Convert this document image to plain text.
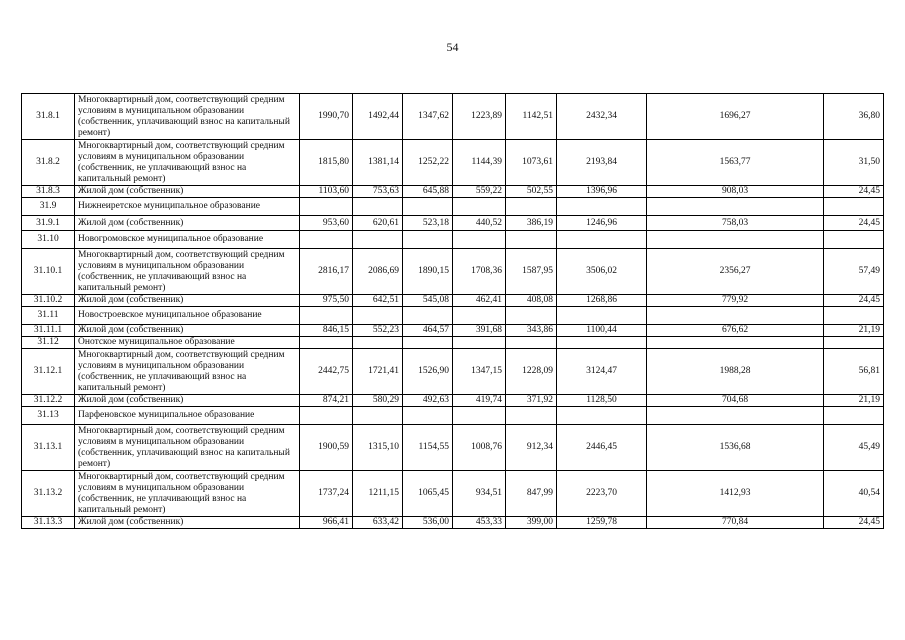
54
31.8.1	Многоквартирный дом, соответствующий средним условиям в муниципальном образовании (собственник, уплачивающий взнос на капитальный ремонт)	1990,70	1492,44	1347,62	1223,89	1142,51	2432,34	1696,27	36,80
31.8.2	Многоквартирный дом, соответствующий средним условиям в муниципальном образовании (собственник, не уплачивающий взнос на капитальный ремонт)	1815,80	1381,14	1252,22	1144,39	1073,61	2193,84	1563,77	31,50
31.8.3	Жилой дом (собственник)	1103,60	753,63	645,88	559,22	502,55	1396,96	908,03	24,45
31.9	Нижнеиретское муниципальное образование								
31.9.1	Жилой дом (собственник)	953,60	620,61	523,18	440,52	386,19	1246,96	758,03	24,45
31.10	Новогромовское муниципальное образование								
31.10.1	Многоквартирный дом, соответствующий средним условиям в муниципальном образовании (собственник, не уплачивающий взнос на капитальный ремонт)	2816,17	2086,69	1890,15	1708,36	1587,95	3506,02	2356,27	57,49
31.10.2	Жилой дом (собственник)	975,50	642,51	545,08	462,41	408,08	1268,86	779,92	24,45
31.11	Новостроевское муниципальное образование								
31.11.1	Жилой дом (собственник)	846,15	552,23	464,57	391,68	343,86	1100,44	676,62	21,19
31.12	Онотское муниципальное образование								
31.12.1	Многоквартирный дом, соответствующий средним условиям в муниципальном образовании (собственник, не уплачивающий взнос на капитальный ремонт)	2442,75	1721,41	1526,90	1347,15	1228,09	3124,47	1988,28	56,81
31.12.2	Жилой дом (собственник)	874,21	580,29	492,63	419,74	371,92	1128,50	704,68	21,19
31.13	Парфеновское муниципальное образование								
31.13.1	Многоквартирный дом, соответствующий средним условиям в муниципальном образовании (собственник, уплачивающий взнос на капитальный ремонт)	1900,59	1315,10	1154,55	1008,76	912,34	2446,45	1536,68	45,49
31.13.2	Многоквартирный дом, соответствующий средним условиям в муниципальном образовании (собственник, не уплачивающий взнос на капитальный ремонт)	1737,24	1211,15	1065,45	934,51	847,99	2223,70	1412,93	40,54
31.13.3	Жилой дом (собственник)	966,41	633,42	536,00	453,33	399,00	1259,78	770,84	24,45
